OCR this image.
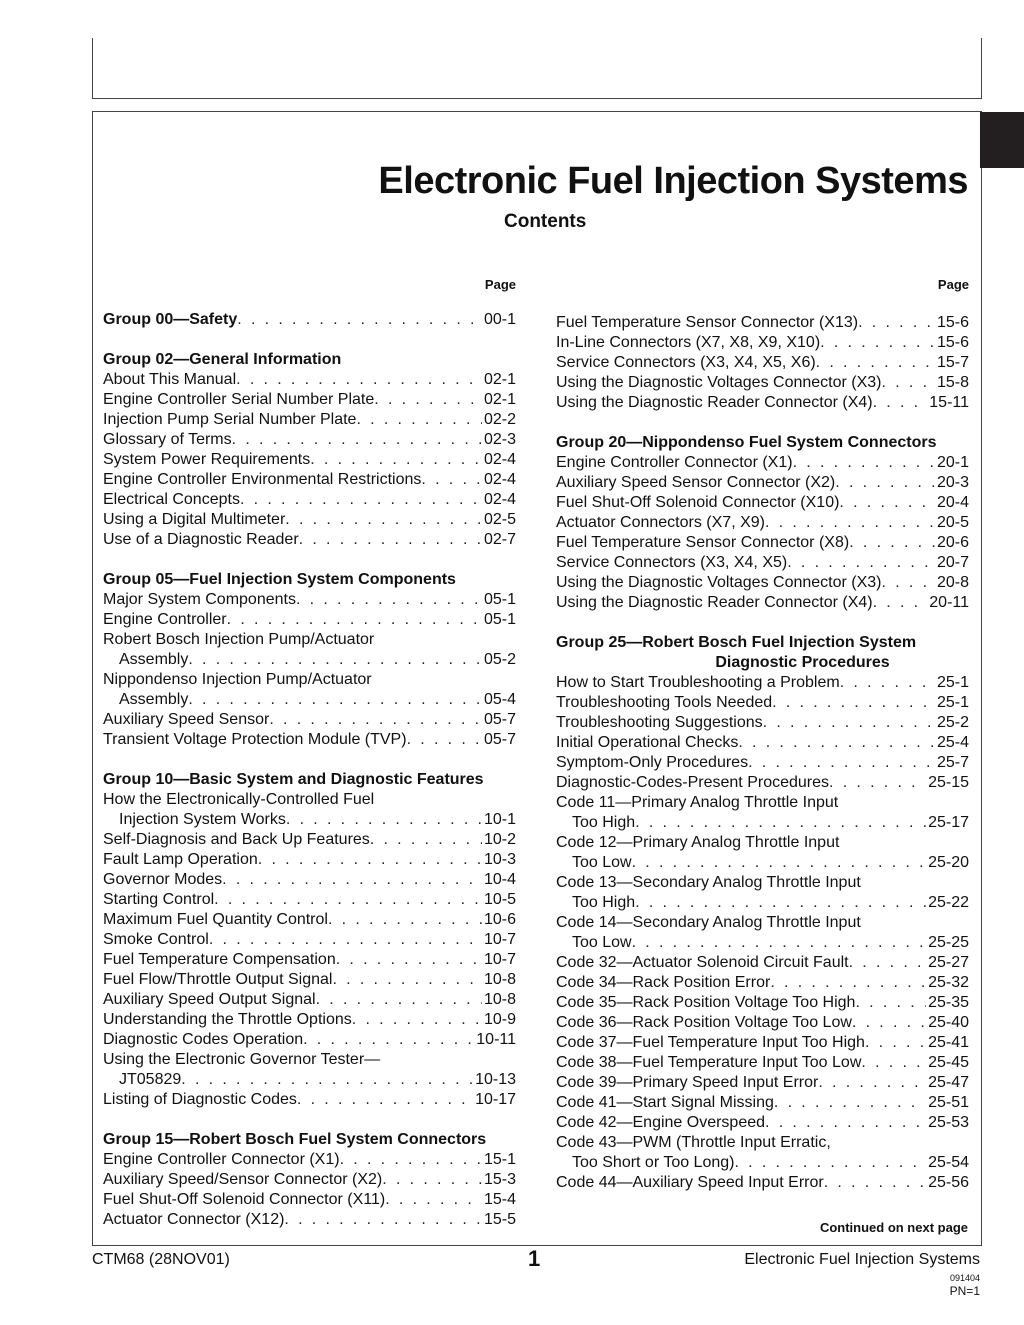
Electronic Fuel Injection Systems
Contents
Page	Page
Group 00—Safety . . .	00-1
Group 02—General Information
About This Manual . . .	02-1
Engine Controller Serial Number Plate . . .	02-1
Injection Pump Serial Number Plate . . .	02-2
Glossary of Terms . . .	02-3
System Power Requirements . . .	02-4
Engine Controller Environmental Restrictions . . .	02-4
Electrical Concepts . . .	02-4
Using a Digital Multimeter . . .	02-5
Use of a Diagnostic Reader . . .	02-7
Group 05—Fuel Injection System Components
Major System Components . . .	05-1
Engine Controller . . .	05-1
Robert Bosch Injection Pump/Actuator
Assembly . . .	05-2
Nippondenso Injection Pump/Actuator
Assembly . . .	05-4
Auxiliary Speed Sensor . . .	05-7
Transient Voltage Protection Module (TVP) . . .	05-7
Group 10—Basic System and Diagnostic Features
How the Electronically-Controlled Fuel
Injection System Works . . .	10-1
Self-Diagnosis and Back Up Features . . .	10-2
Fault Lamp Operation . . .	10-3
Governor Modes . . .	10-4
Starting Control . . .	10-5
Maximum Fuel Quantity Control . . .	10-6
Smoke Control . . .	10-7
Fuel Temperature Compensation . . .	10-7
Fuel Flow/Throttle Output Signal . . .	10-8
Auxiliary Speed Output Signal . . .	10-8
Understanding the Throttle Options . . .	10-9
Diagnostic Codes Operation . . .	10-11
Using the Electronic Governor Tester—
JT05829 . . .	10-13
Listing of Diagnostic Codes . . .	10-17
Group 15—Robert Bosch Fuel System Connectors
Engine Controller Connector (X1) . . .	15-1
Auxiliary Speed/Sensor Connector (X2) . . .	15-3
Fuel Shut-Off Solenoid Connector (X11) . . .	15-4
Actuator Connector (X12) . . .	15-5
Fuel Temperature Sensor Connector (X13) . . .	15-6
In-Line Connectors (X7, X8, X9, X10) . . .	15-6
Service Connectors (X3, X4, X5, X6) . . .	15-7
Using the Diagnostic Voltages Connector (X3) . . .	15-8
Using the Diagnostic Reader Connector (X4) . . .	15-11
Group 20—Nippondenso Fuel System Connectors
Engine Controller Connector (X1) . . .	20-1
Auxiliary Speed Sensor Connector (X2) . . .	20-3
Fuel Shut-Off Solenoid Connector (X10) . . .	20-4
Actuator Connectors (X7, X9) . . .	20-5
Fuel Temperature Sensor Connector (X8) . . .	20-6
Service Connectors (X3, X4, X5) . . .	20-7
Using the Diagnostic Voltages Connector (X3) . . .	20-8
Using the Diagnostic Reader Connector (X4) . . .	20-11
Group 25—Robert Bosch Fuel Injection System
Diagnostic Procedures
How to Start Troubleshooting a Problem . . .	25-1
Troubleshooting Tools Needed . . .	25-1
Troubleshooting Suggestions . . .	25-2
Initial Operational Checks . . .	25-4
Symptom-Only Procedures . . .	25-7
Diagnostic-Codes-Present Procedures . . .	25-15
Code 11—Primary Analog Throttle Input
Too High . . .	25-17
Code 12—Primary Analog Throttle Input
Too Low . . .	25-20
Code 13—Secondary Analog Throttle Input
Too High . . .	25-22
Code 14—Secondary Analog Throttle Input
Too Low . . .	25-25
Code 32—Actuator Solenoid Circuit Fault . . .	25-27
Code 34—Rack Position Error . . .	25-32
Code 35—Rack Position Voltage Too High . . .	25-35
Code 36—Rack Position Voltage Too Low . . .	25-40
Code 37—Fuel Temperature Input Too High . . .	25-41
Code 38—Fuel Temperature Input Too Low . . .	25-45
Code 39—Primary Speed Input Error . . .	25-47
Code 41—Start Signal Missing . . .	25-51
Code 42—Engine Overspeed . . .	25-53
Code 43—PWM (Throttle Input Erratic,
Too Short or Too Long) . . .	25-54
Code 44—Auxiliary Speed Input Error . . .	25-56
Continued on next page
CTM68 (28NOV01)	1	Electronic Fuel Injection Systems
091404
PN=1
